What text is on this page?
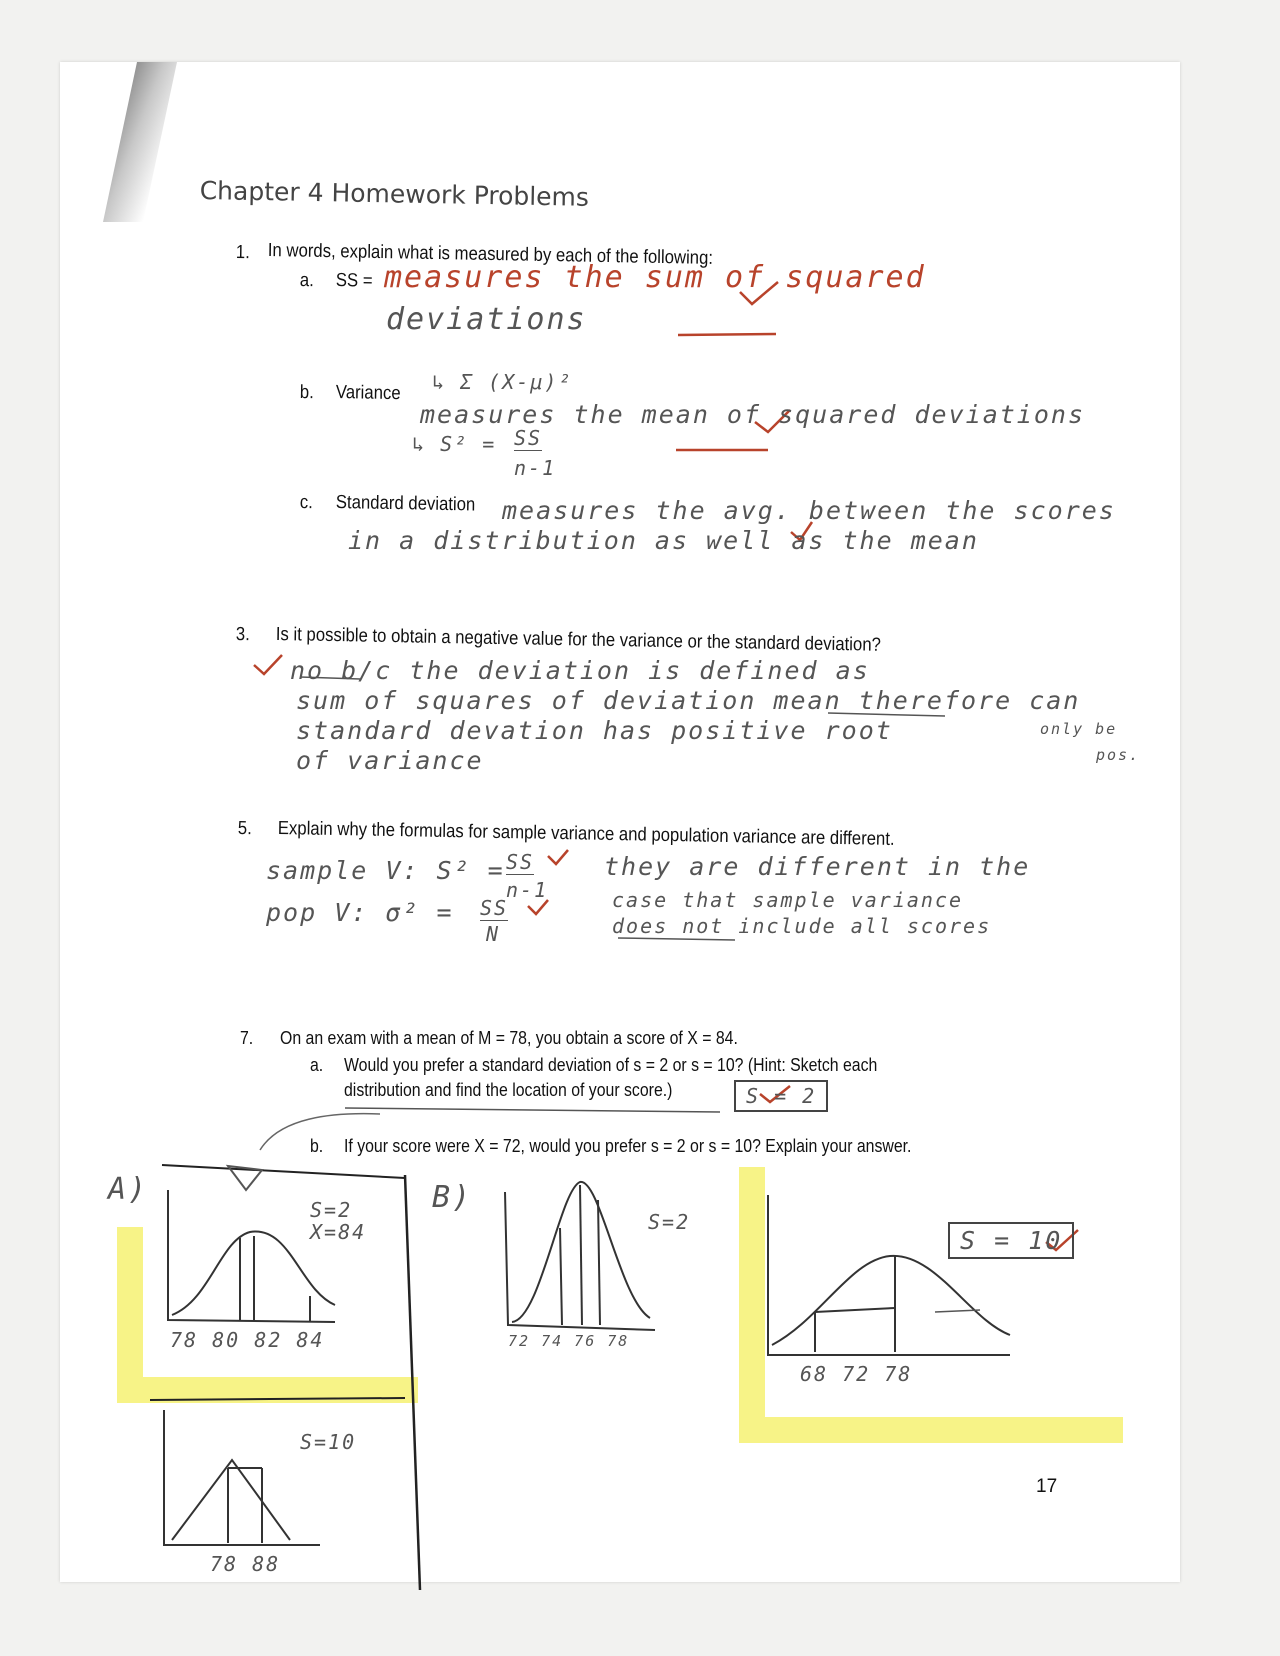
Chapter 4 Homework Problems
1. In words, explain what is measured by each of the following:
a. SS = measures the sum of squared
deviations
↳ Σ (X-μ)²
b. Variance
measures the mean of squared deviations
↳ S² = SS
n-1
c. Standard deviation measures the avg. between the scores
in a distribution as well as the mean
3. Is it possible to obtain a negative value for the variance or the standard deviation?
no b/c the deviation is defined as
sum of squares of deviation mean therefore can
standard devation has positive root	only be
of variance	pos.
5. Explain why the formulas for sample variance and population variance are different.
sample V: S² = SS
n-1
pop V: σ² = SS
N
they are different in the
case that sample variance
does not include all scores
7. On an exam with a mean of M = 78, you obtain a score of X = 84.
a. Would you prefer a standard deviation of s = 2 or s = 10? (Hint: Sketch each
distribution and find the location of your score.)	S = 2
b. If your score were X = 72, would you prefer s = 2 or s = 10? Explain your answer.
S = 10
A)	B)
S=2
X=84
78 80 82 84
S=10
78 88
S=2
72 74 76 78
68 72 78
17
